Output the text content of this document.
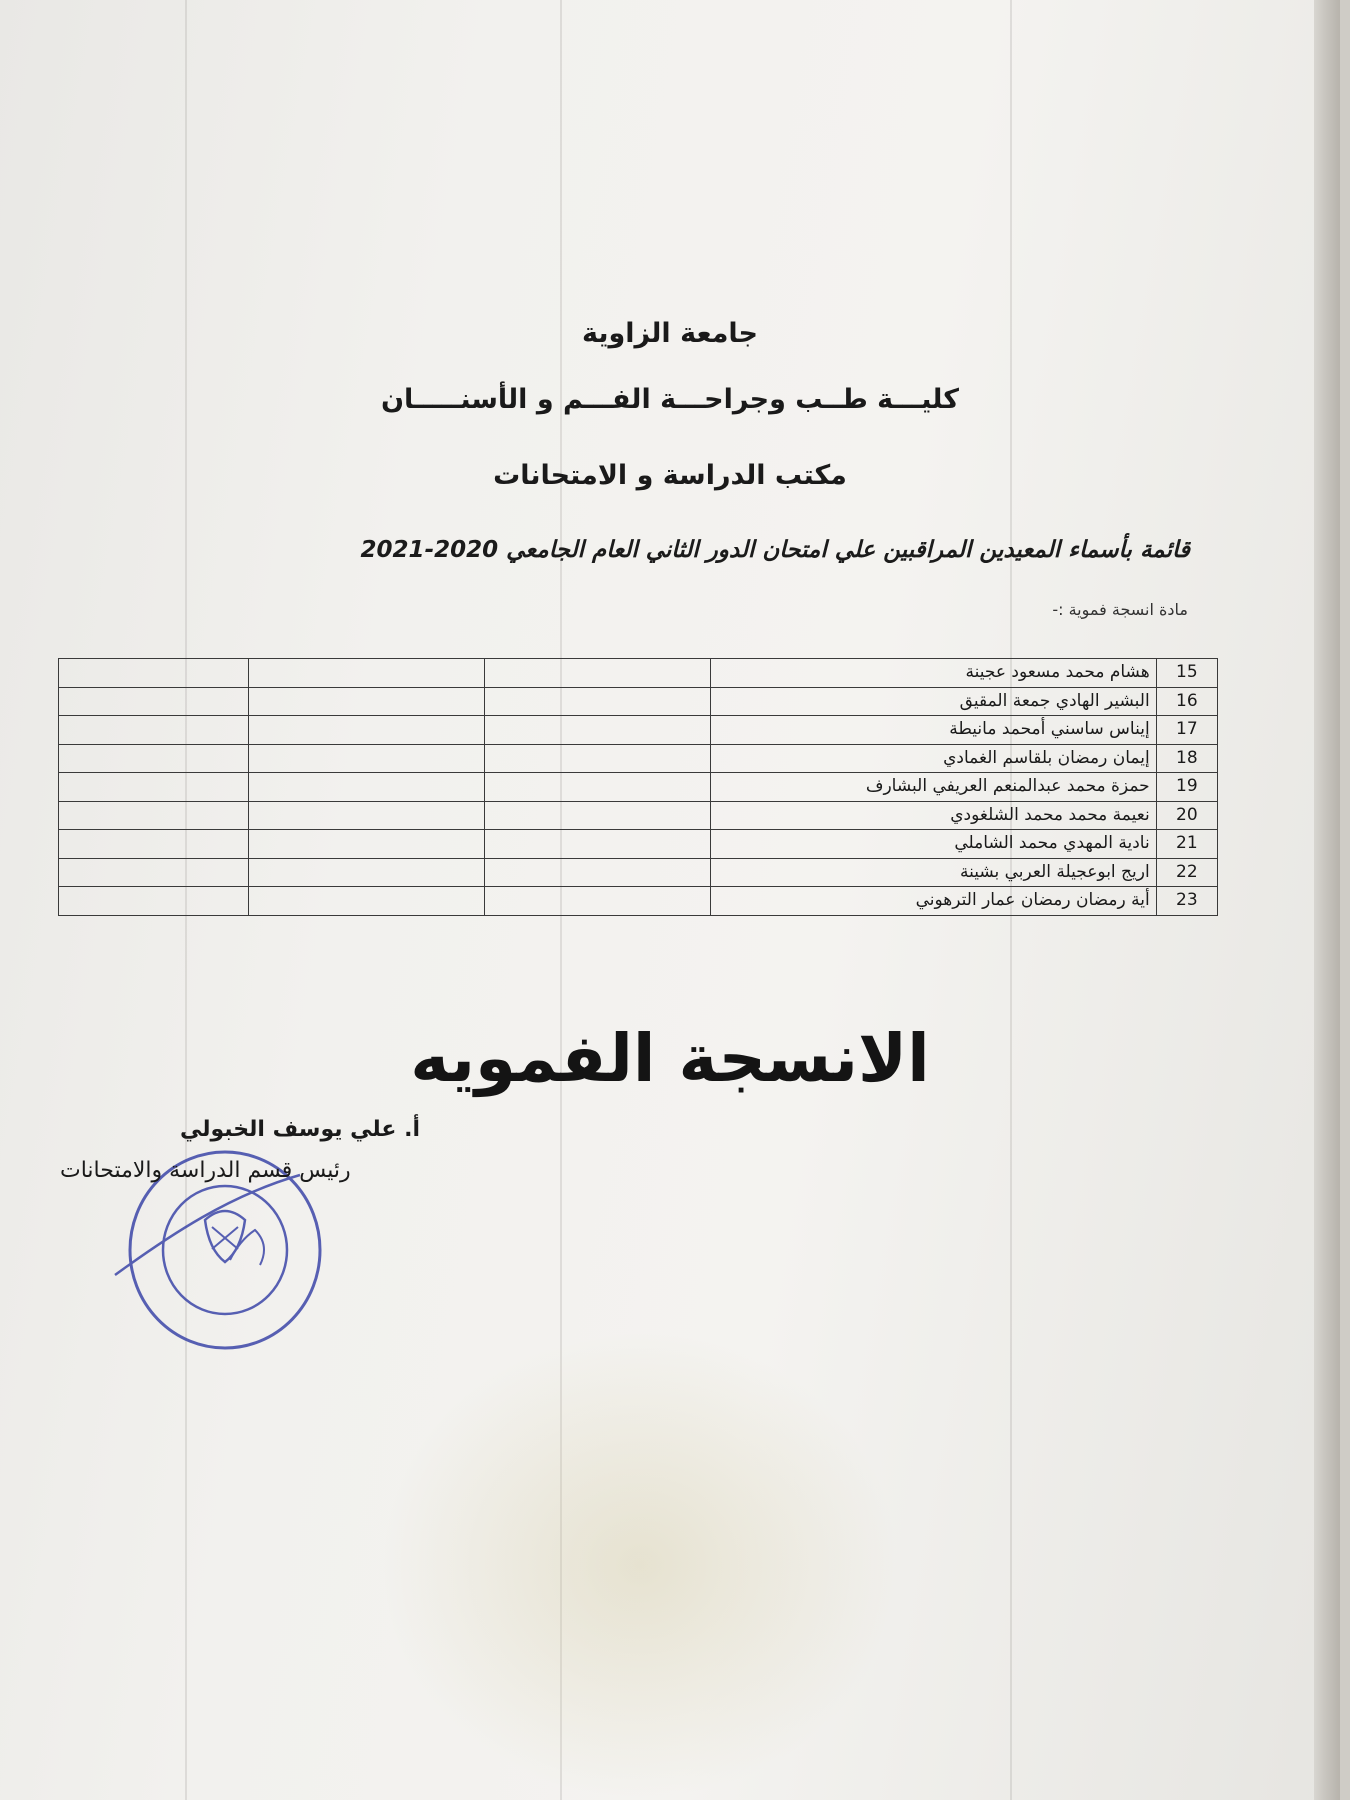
جامعة الزاوية
كليـــة طــب وجراحـــة الفـــم و الأسنـــــان
مكتب الدراسة و الامتحانات
قائمة بأسماء المعيدين المراقبين علي امتحان الدور الثاني العام الجامعي 2020-2021
مادة انسجة فموية :-
15	هشام محمد مسعود عجينة			
16	البشير الهادي جمعة المقيق			
17	إيناس ساسني أمحمد مانيطة			
18	إيمان رمضان بلقاسم الغمادي			
19	حمزة محمد عبدالمنعم العريفي البشارف			
20	نعيمة محمد محمد الشلغودي			
21	نادية المهدي محمد الشاملي			
22	اريج ابوعجيلة العربي بشينة			
23	أية رمضان رمضان عمار الترهوني			
الانسجة الفمويه
أ. علي يوسف الخبولي
رئيس قسم الدراسة والامتحانات
